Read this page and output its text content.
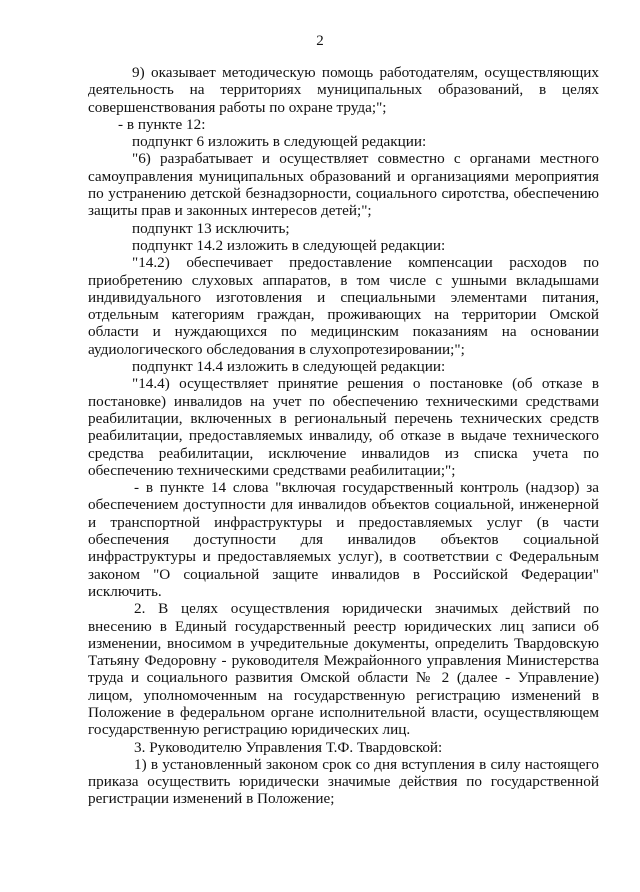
2

9) оказывает методическую помощь работодателям, осуществляющих деятельность на территориях муниципальных образований, в целях совершенствования работы по охране труда;";

- в пункте 12:

подпункт 6 изложить в следующей редакции:

"6) разрабатывает и осуществляет совместно с органами местного самоуправления муниципальных образований и организациями мероприятия по устранению детской безнадзорности, социального сиротства, обеспечению защиты прав и законных интересов детей;";

подпункт 13 исключить;

подпункт 14.2 изложить в следующей редакции:

"14.2) обеспечивает предоставление компенсации расходов по приобретению слуховых аппаратов, в том числе с ушными вкладышами индивидуального изготовления и специальными элементами питания, отдельным категориям граждан, проживающих на территории Омской области и нуждающихся по медицинским показаниям на основании аудиологического обследования в слухопротезировании;";

подпункт 14.4 изложить в следующей редакции:

"14.4) осуществляет принятие решения о постановке (об отказе в постановке) инвалидов на учет по обеспечению техническими средствами реабилитации, включенных в региональный перечень технических средств реабилитации, предоставляемых инвалиду, об отказе в выдаче технического средства реабилитации, исключение инвалидов из списка учета по обеспечению техническими средствами реабилитации;";

- в пункте 14 слова "включая государственный контроль (надзор) за обеспечением доступности для инвалидов объектов социальной, инженерной и транспортной инфраструктуры и предоставляемых услуг (в части обеспечения доступности для инвалидов объектов социальной инфраструктуры и предоставляемых услуг), в соответствии с Федеральным законом "О социальной защите инвалидов в Российской Федерации" исключить.

2. В целях осуществления юридически значимых действий по внесению в Единый государственный реестр юридических лиц записи об изменении, вносимом в учредительные документы, определить Твардовскую Татьяну Федоровну - руководителя Межрайонного управления Министерства труда и социального развития Омской области № 2 (далее - Управление) лицом, уполномоченным на государственную регистрацию изменений в Положение в федеральном органе исполнительной власти, осуществляющем государственную регистрацию юридических лиц.

3. Руководителю Управления Т.Ф. Твардовской:

1) в установленный законом срок со дня вступления в силу настоящего приказа осуществить юридически значимые действия по государственной регистрации изменений в Положение;
